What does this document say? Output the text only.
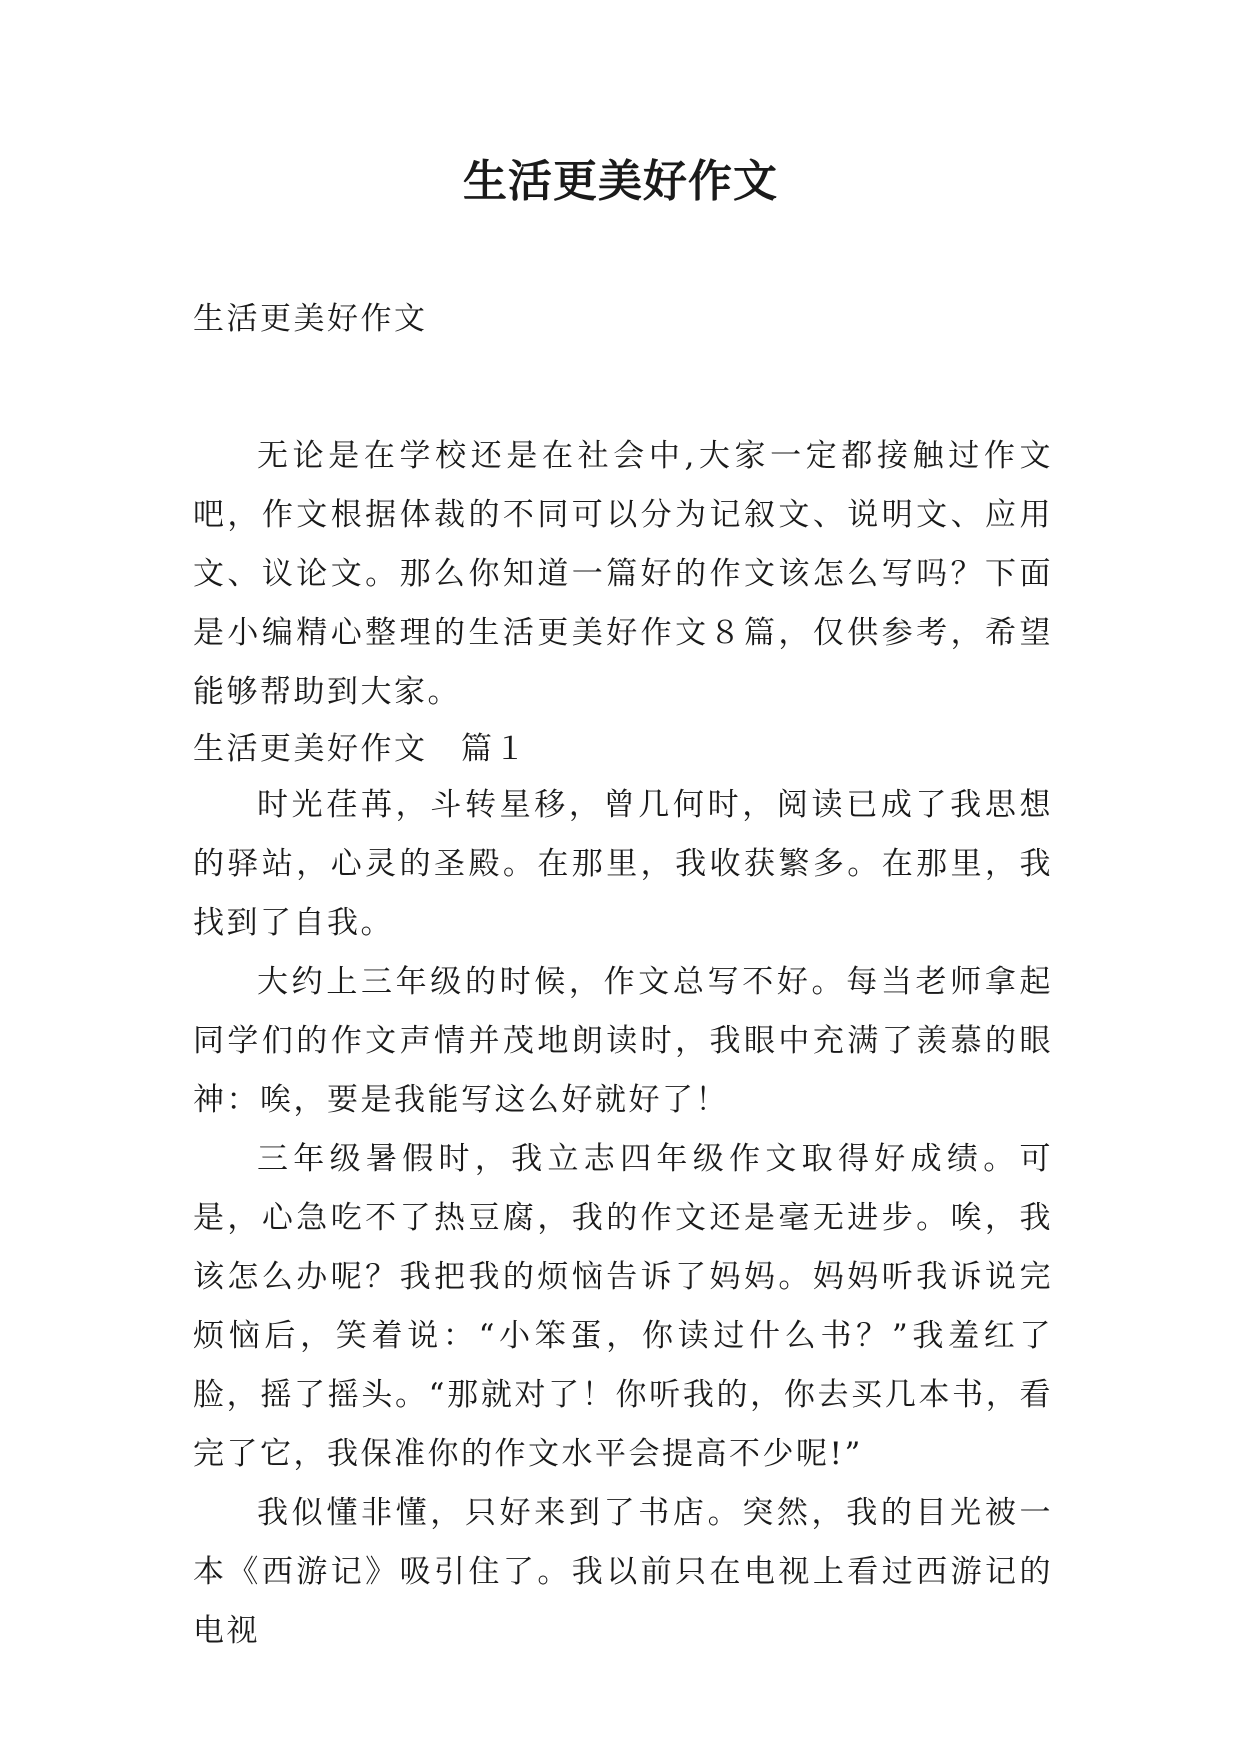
生活更美好作文

生活更美好作文

无论是在学校还是在社会中,大家一定都接触过作文吧，作文根据体裁的不同可以分为记叙文、说明文、应用文、议论文。那么你知道一篇好的作文该怎么写吗？下面是小编精心整理的生活更美好作文８篇，仅供参考，希望能够帮助到大家。

生活更美好作文　篇１

时光荏苒，斗转星移，曾几何时，阅读已成了我思想的驿站，心灵的圣殿。在那里，我收获繁多。在那里，我找到了自我。

大约上三年级的时候，作文总写不好。每当老师拿起同学们的作文声情并茂地朗读时，我眼中充满了羡慕的眼神：唉，要是我能写这么好就好了！

三年级暑假时，我立志四年级作文取得好成绩。可是，心急吃不了热豆腐，我的作文还是毫无进步。唉，我该怎么办呢？我把我的烦恼告诉了妈妈。妈妈听我诉说完烦恼后，笑着说：“小笨蛋，你读过什么书？”我羞红了脸，摇了摇头。“那就对了！你听我的，你去买几本书，看完了它，我保准你的作文水平会提高不少呢!”

我似懂非懂，只好来到了书店。突然，我的目光被一本《西游记》吸引住了。我以前只在电视上看过西游记的电视
